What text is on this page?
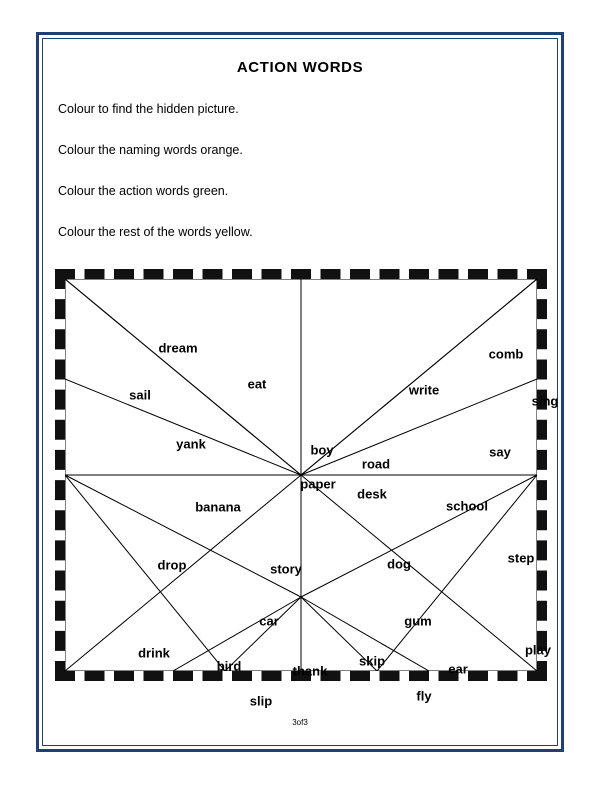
ACTION WORDS
Colour to find the hidden picture.
Colour the naming words orange.
Colour the action words green.
Colour the rest of the words yellow.
dream	comb
sail
eat	write
sing
yank	boy
road
say
paper
desk
banana	school
drop	story	dog	step
car	gum
drink
bird	thank
skip
ear
play
slip	fly
3of3
